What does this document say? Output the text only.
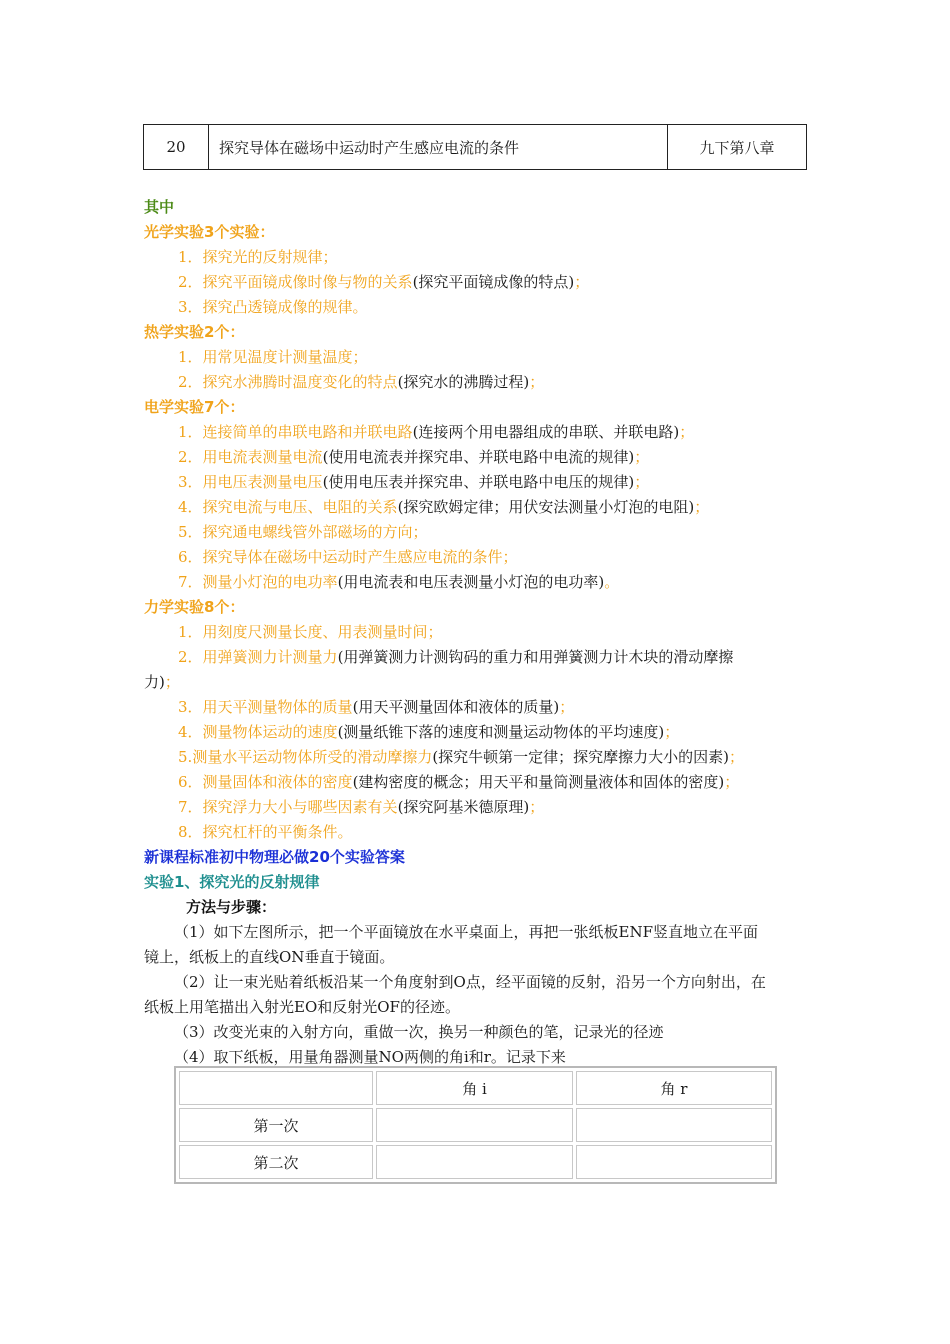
20	探究导体在磁场中运动时产生感应电流的条件	九下第八章
其中
光学实验3个实验：
1．探究光的反射规律；
2．探究平面镜成像时像与物的关系(探究平面镜成像的特点)；
3．探究凸透镜成像的规律。
热学实验2个：
1．用常见温度计测量温度；
2．探究水沸腾时温度变化的特点(探究水的沸腾过程)；
电学实验7个：
1．连接简单的串联电路和并联电路(连接两个用电器组成的串联、并联电路)；
2．用电流表测量电流(使用电流表并探究串、并联电路中电流的规律)；
3．用电压表测量电压(使用电压表并探究串、并联电路中电压的规律)；
4．探究电流与电压、电阻的关系(探究欧姆定律；用伏安法测量小灯泡的电阻)；
5．探究通电螺线管外部磁场的方向；
6．探究导体在磁场中运动时产生感应电流的条件；
7．测量小灯泡的电功率(用电流表和电压表测量小灯泡的电功率)。
力学实验8个：
1．用刻度尺测量长度、用表测量时间；
2．用弹簧测力计测量力(用弹簧测力计测钩码的重力和用弹簧测力计木块的滑动摩擦
力)；
3．用天平测量物体的质量(用天平测量固体和液体的质量)；
4．测量物体运动的速度(测量纸锥下落的速度和测量运动物体的平均速度)；
5.测量水平运动物体所受的滑动摩擦力(探究牛顿第一定律；探究摩擦力大小的因素)；
6．测量固体和液体的密度(建构密度的概念；用天平和量筒测量液体和固体的密度)；
7．探究浮力大小与哪些因素有关(探究阿基米德原理)；
8．探究杠杆的平衡条件。
新课程标准初中物理必做20个实验答案
实验1、探究光的反射规律
方法与步骤：
（1）如下左图所示，把一个平面镜放在水平桌面上，再把一张纸板ENF竖直地立在平面
镜上，纸板上的直线ON垂直于镜面。
（2）让一束光贴着纸板沿某一个角度射到O点，经平面镜的反射，沿另一个方向射出，在
纸板上用笔描出入射光EO和反射光OF的径迹。
（3）改变光束的入射方向，重做一次，换另一种颜色的笔，记录光的径迹
（4）取下纸板，用量角器测量NO两侧的角i和r。记录下来
	角 i	角 r
第一次		
第二次		
